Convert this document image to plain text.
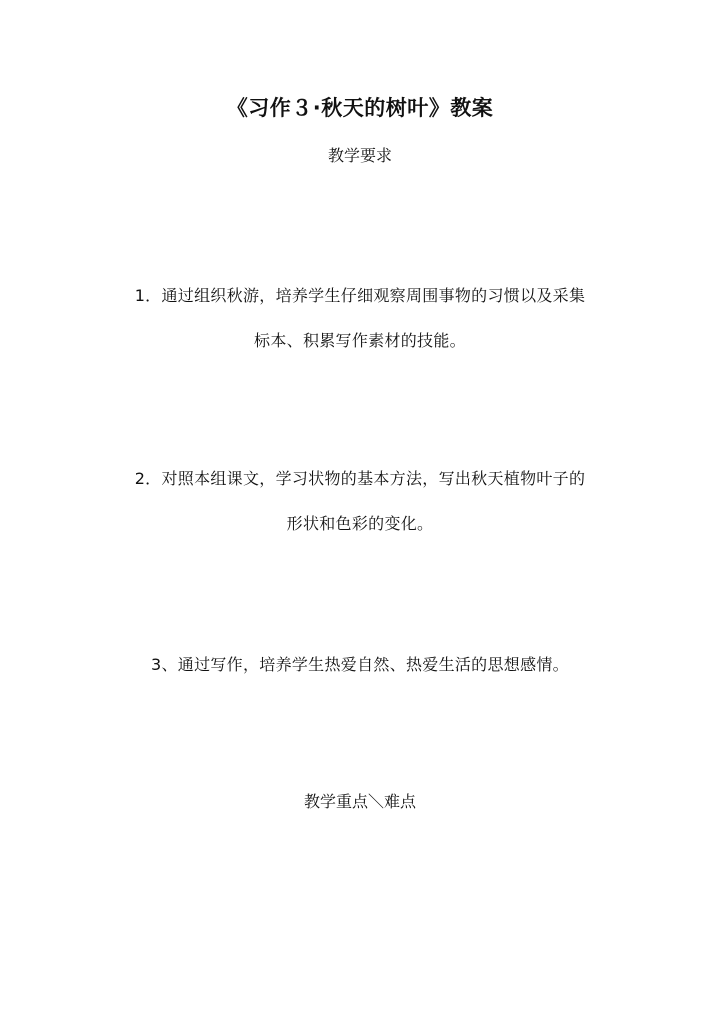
《习作３·秋天的树叶》教案
教学要求
1．通过组织秋游，培养学生仔细观察周围事物的习惯以及采集
标本、积累写作素材的技能。
2．对照本组课文，学习状物的基本方法，写出秋天植物叶子的
形状和色彩的变化。
3、通过写作，培养学生热爱自然、热爱生活的思想感情。
教学重点＼难点
